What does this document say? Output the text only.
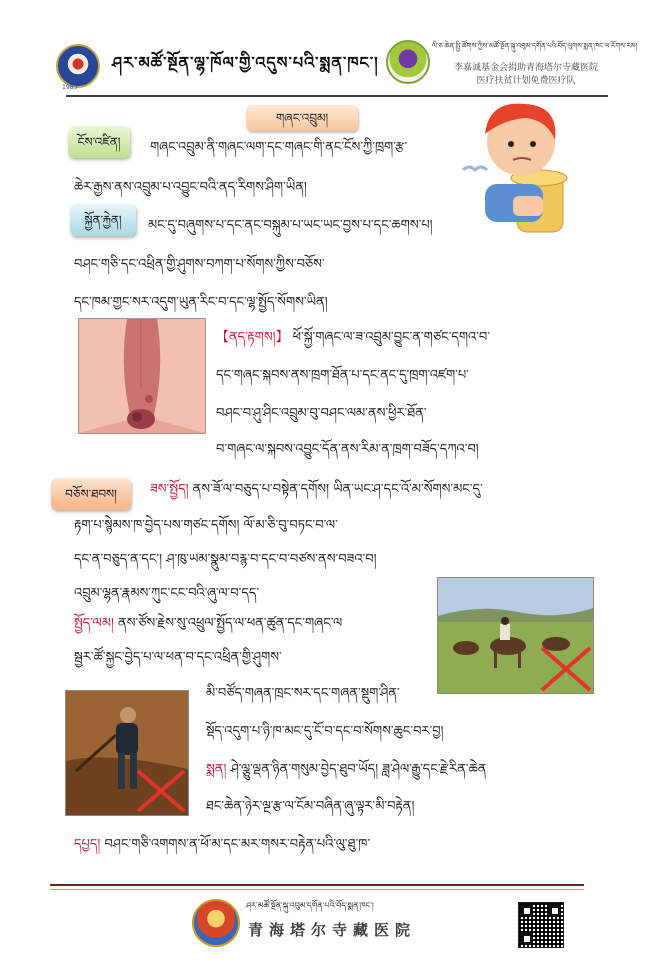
1983
ཤར་མཚོ་སྔོན་ལྷ་ཁོལ་གྱི་འདུས་པའི་སྨན་ཁང་།
ལི་ཅ་ཆེན་སྤྱི་ཚོགས་ཀྱིས་མཚོ་སྔོན་སྐུ་འབུམ་དགོན་པའི་བོད་ལུགས་སྨན་ཁང་ལ་རོགས་རམ།
李嘉诚基金会捐助青海塔尔寺藏医院
医疗扶贫计划免费医疗队
གཞང་འབྲུམ།
ངོས་འཛིན།	གཞང་འབྲུམ་ནི་གཞང་ལག་དང་གཞང་གི་ནང་ངོས་ཀྱི་ཁྲག་རྩ་
ཆེར་རྒྱས་ནས་འབྲུམ་པ་འབྱུང་བའི་ནད་རིགས་ཤིག་ཡིན།
སྐྱོན་རྐྱེན།	མང་དུ་བཞུགས་པ་དང་ནང་བསྐུམ་པ་ཡང་ཡང་བྱས་པ་དང་ཆགས་པ།
བཤང་གཅི་དང་འཕྲིན་གྱི་ཤུགས་བཀག་པ་སོགས་ཀྱིས་བཅོས་
དང་ཁམ་གྱང་སར་འདུག་ཡུན་རིང་བ་དང་ལྷ་སྤྱོད་སོགས་ཡིན།
【ནད་རྟགས།】 ཕོ་སྐྱོ་གཞང་ལ་ཟ་འབྲུམ་བྱུང་ན་གཙང་དགའ་བ་
དང་གཞང་སྐབས་ནས་ཁྲག་ཐོན་པ་དང་ནང་དུ་ཁྲག་འཛག་པ་
བཤང་བ་ཤུ་ཤིང་འབྲུམ་བུ་བཤང་ལམ་ནས་ཕྱིར་ཐོན་
བ་གཞང་ལ་སྐབས་འབྱུང་དོན་ནས་རིམ་ན་ཁྲག་བཟོད་དཀའ་བ།
བཅོས་ཐབས།	ཟས་སྤྱོད། ནས་ཟོ་ལ་བཅུད་པ་བསྟེན་དགོས། ཡིན་ཡང་ཤ་དང་འོ་མ་སོགས་མང་དུ་
རྟག་པ་སྙེམས་ཁ་བྱེད་པས་གཙང་དགོས། ལོ་མ་ཅི་བུ་བཏང་བ་ལ་
དང་ན་བཅུད་ན་དང་། ཤ་ཁུ་ཡམ་སྣུམ་བརྙ་བ་དང་བ་བཙས་ནས་བཟའ་བ།
འབྲུམ་ལྷན་རྣམས་ཀུང་ངང་བའི་ཞུ་ལ་བ་དད་
སྤྱོད་ལམ། ནས་ཙོས་རྗེས་སུ་འཕྲུལ་སྤྱོད་ལ་ཕན་ཚུན་དང་གཞང་ལ
སྦྱར་ཚོ་སྐྱང་བྱེད་པ་ལ་ཕན་བ་དང་འཕྲིན་གྱི་ཤུགས་
མི་བཙོད་གཞན་ཁྲང་སར་དང་གཞན་སྡུག་ཤིན་
སྡོད་འདུག་པ་ཉི་ཁ་མང་དུ་ངོ་བ་དང་བ་སོགས་ཆུང་བར་བྱ།
སྨན། ཤེ་ལྕུ་ལྡན་ཉིན་གསུམ་བྱེད་ཐུབ་ཡོད། ཟླ་ཤེལ་རྒྱུ་དང་རྗེ་རིན་ཆེན
ཐང་ཆེན་ཉེར་ལྔ་རྩ་ལ་ངོམ་བཞིན་ཞུ་ལྟར་མི་བརྟེན།
དཔྱད། བཤང་གཅི་འགགས་ན་ཕོ་མ་དང་མར་གསར་བརྟེན་པའི་ལུ་ཐུ་ཁ་
ཤར་མཚོ་སྔོན་སྐུ་འབུམ་དགོན་པའི་བོད་སྨན་ཁང་།
青海塔尔寺藏医院
